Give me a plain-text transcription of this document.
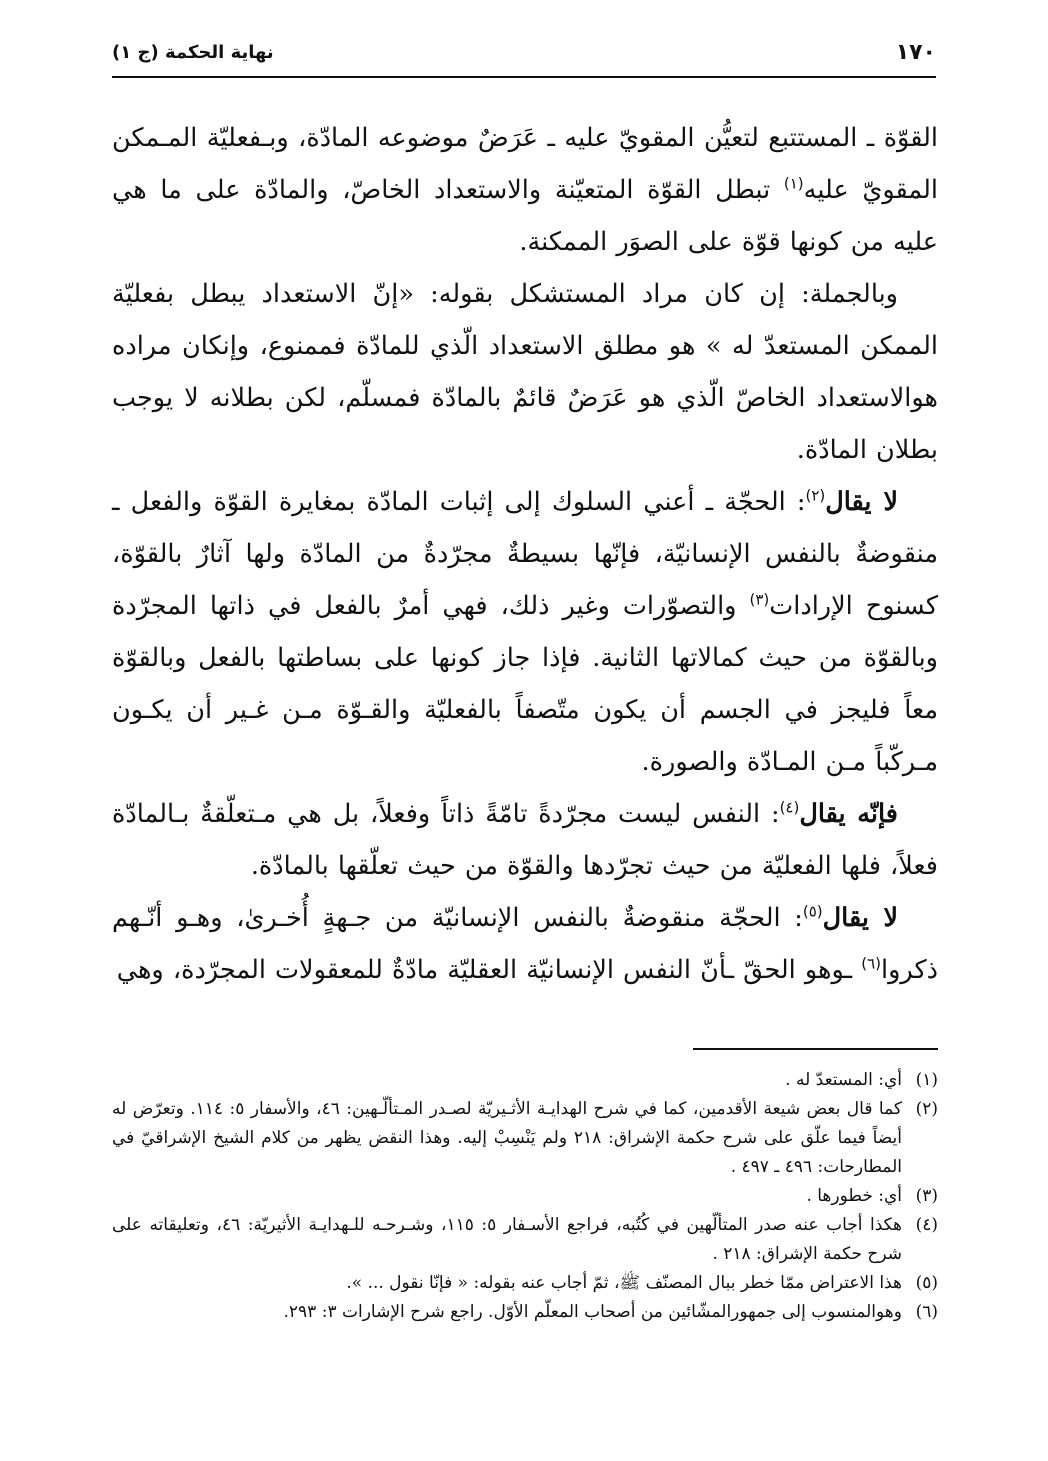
١٧٠
نهاية الحكمة (ج ١)

القوّة ـ المستتبع لتعيُّن المقويّ عليه ـ عَرَضٌ موضوعه المادّة، وبـفعليّة المـمكن المقويّ عليه$^{(١)}$ تبطل القوّة المتعيّنة والاستعداد الخاصّ، والمادّة على ما هي عليه من كونها قوّة على الصوَر الممكنة.

وبالجملة: إن كان مراد المستشكل بقوله: «إنّ الاستعداد يبطل بفعليّة الممكن المستعدّ له » هو مطلق الاستعداد الّذي للمادّة فممنوع، وإنكان مراده هوالاستعداد الخاصّ الّذي هو عَرَضٌ قائمٌ بالمادّة فمسلّم، لكن بطلانه لا يوجب بطلان المادّة.

لا يقال$^{(٢)}$: الحجّة ـ أعني السلوك إلى إثبات المادّة بمغايرة القوّة والفعل ـ منقوضةٌ بالنفس الإنسانيّة، فإنّها بسيطةٌ مجرّدةٌ من المادّة ولها آثارٌ بالقوّة، كسنوح الإرادات$^{(٣)}$ والتصوّرات وغير ذلك، فهي أمرٌ بالفعل في ذاتها المجرّدة وبالقوّة من حيث كمالاتها الثانية. فإذا جاز كونها على بساطتها بالفعل وبالقوّة معاً فليجز في الجسم أن يكون متّصفاً بالفعليّة والقـوّة مـن غـير أن يكـون مـركّباً مـن المـادّة والصورة.

فإنّه يقال$^{(٤)}$: النفس ليست مجرّدةً تامّةً ذاتاً وفعلاً، بل هي مـتعلّقةٌ بـالمادّة فعلاً، فلها الفعليّة من حيث تجرّدها والقوّة من حيث تعلّقها بالمادّة.

لا يقال$^{(٥)}$: الحجّة منقوضةٌ بالنفس الإنسانيّة من جـهةٍ أُخـرىٰ، وهـو أنّـهم ذكروا$^{(٦)}$ ـوهو الحقّ ـأنّ النفس الإنسانيّة العقليّة مادّةٌ للمعقولات المجرّدة، وهي

(١)أي: المستعدّ له .

(٢)كما قال بعض شيعة الأقدمين، كما في شرح الهدايـة الأثـيريّة لصـدر المـتألّـهين: ٤٦، والأسفار ٥: ١١٤. وتعرّض له أيضاً فيما علّق على شرح حكمة الإشراق: ٢١٨ ولم يَنْسِبْ إليه. وهذا النقض يظهر من كلام الشيخ الإشراقيّ في المطارحات: ٤٩٦ ـ ٤٩٧ .

(٣)أي: خطورها .

(٤)هكذا أجاب عنه صدر المتألّهين في كُتُبه، فراجع الأسـفار ٥: ١١٥، وشـرحـه للـهدايـة الأثيريّة: ٤٦، وتعليقاته على شرح حكمة الإشراق: ٢١٨ .

(٥)هذا الاعتراض ممّا خطر ببال المصنّف ﷺ، ثمّ أجاب عنه بقوله: « فإنّا نقول ... ».

(٦)وهوالمنسوب إلى جمهورالمشّائين من أصحاب المعلّم الأوّل. راجع شرح الإشارات ٣: ٢٩٣.
